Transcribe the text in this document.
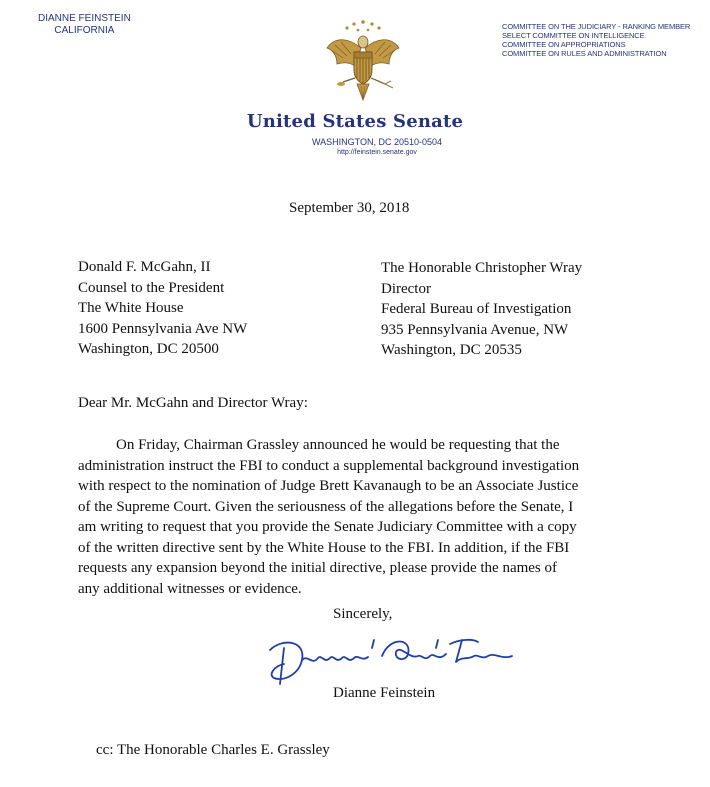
DIANNE FEINSTEIN
CALIFORNIA	COMMITTEE ON THE JUDICIARY - RANKING MEMBER
SELECT COMMITTEE ON INTELLIGENCE
COMMITTEE ON APPROPRIATIONS
COMMITTEE ON RULES AND ADMINISTRATION
United States Senate
WASHINGTON, DC 20510-0504
http://feinstein.senate.gov
September 30, 2018
Donald F. McGahn, II
Counsel to the President
The White House
1600 Pennsylvania Ave NW
Washington, DC 20500
The Honorable Christopher Wray
Director
Federal Bureau of Investigation
935 Pennsylvania Avenue, NW
Washington, DC 20535
Dear Mr. McGahn and Director Wray:
On Friday, Chairman Grassley announced he would be requesting that the
administration instruct the FBI to conduct a supplemental background investigation
with respect to the nomination of Judge Brett Kavanaugh to be an Associate Justice
of the Supreme Court. Given the seriousness of the allegations before the Senate, I
am writing to request that you provide the Senate Judiciary Committee with a copy
of the written directive sent by the White House to the FBI. In addition, if the FBI
requests any expansion beyond the initial directive, please provide the names of
any additional witnesses or evidence.
Sincerely,
Dianne Feinstein
cc: The Honorable Charles E. Grassley
